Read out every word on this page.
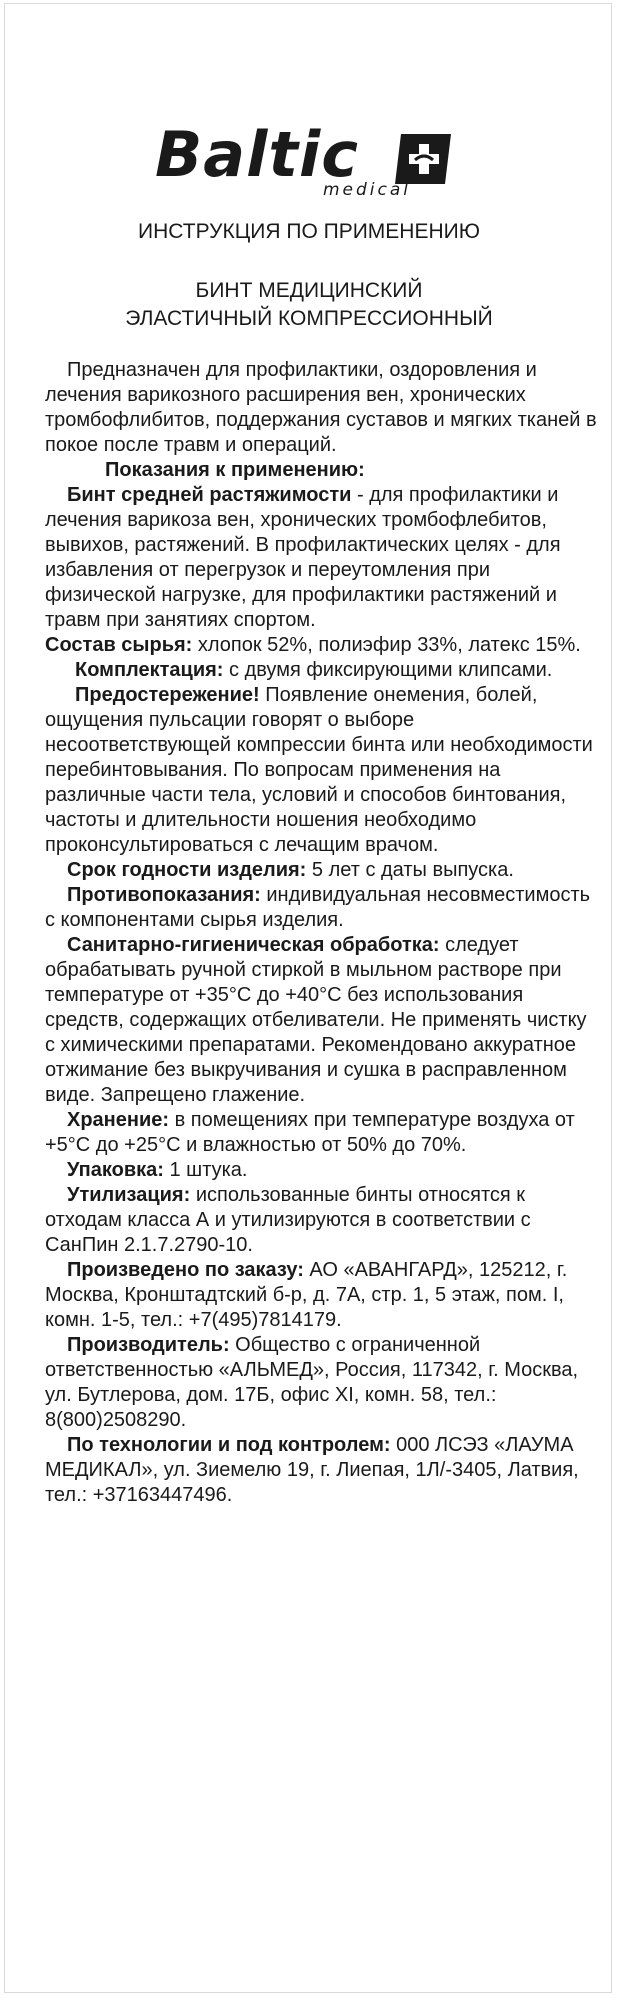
Baltic
medical
ИНСТРУКЦИЯ ПО ПРИМЕНЕНИЮ
БИНТ МЕДИЦИНСКИЙ
ЭЛАСТИЧНЫЙ КОМПРЕССИОННЫЙ

Предназначен для профилактики, оздоровления и лечения варикозного расширения вен, хронических тромбофлибитов, поддержания суставов и мягких тканей в покое после травм и операций.

Показания к применению:

Бинт средней растяжимости - для профилактики и лечения варикоза вен, хронических тромбофлебитов, вывихов, растяжений. В профилактических целях - для избавления от перегрузок и переутомления при физической нагрузке, для профилактики растяжений и травм при занятиях спортом.

Состав сырья: хлопок 52%, полиэфир 33%, латекс 15%.

Комплектация: с двумя фиксирующими клипсами.

Предостережение! Появление онемения, болей, ощущения пульсации говорят о выборе несоответствующей компрессии бинта или необходимости перебинтовывания. По вопросам применения на различные части тела, условий и способов бинтования, частоты и длительности ношения необходимо проконсультироваться с лечащим врачом.

Срок годности изделия: 5 лет с даты выпуска.

Противопоказания: индивидуальная несовместимость с компонентами сырья изделия.

Санитарно-гигиеническая обработка: следует обрабатывать ручной стиркой в мыльном растворе при температуре от +35°С до +40°С без использования средств, содержащих отбеливатели. Не применять чистку с химическими препаратами. Рекомендовано аккуратное отжимание без выкручивания и сушка в расправленном виде. Запрещено глажение.

Хранение: в помещениях при температуре воздуха от +5°С до +25°С и влажностью от 50% до 70%.

Упаковка: 1 штука.

Утилизация: использованные бинты относятся к отходам класса А и утилизируются в соответствии с СанПин 2.1.7.2790-10.

Произведено по заказу: АО «АВАНГАРД», 125212, г. Москва, Кронштадтский б-р, д. 7А, стр. 1, 5 этаж, пом. I, комн. 1-5, тел.: +7(495)7814179.

Производитель: Общество с ограниченной ответственностью «АЛЬМЕД», Россия, 117342, г. Москва, ул. Бутлерова, дом. 17Б, офис XI, комн. 58, тел.: 8(800)2508290.

По технологии и под контролем: 000 ЛСЭЗ «ЛАУМА МЕДИКАЛ», ул. Зиемелю 19, г. Лиепая, 1Л/-3405, Латвия, тел.: +37163447496.
